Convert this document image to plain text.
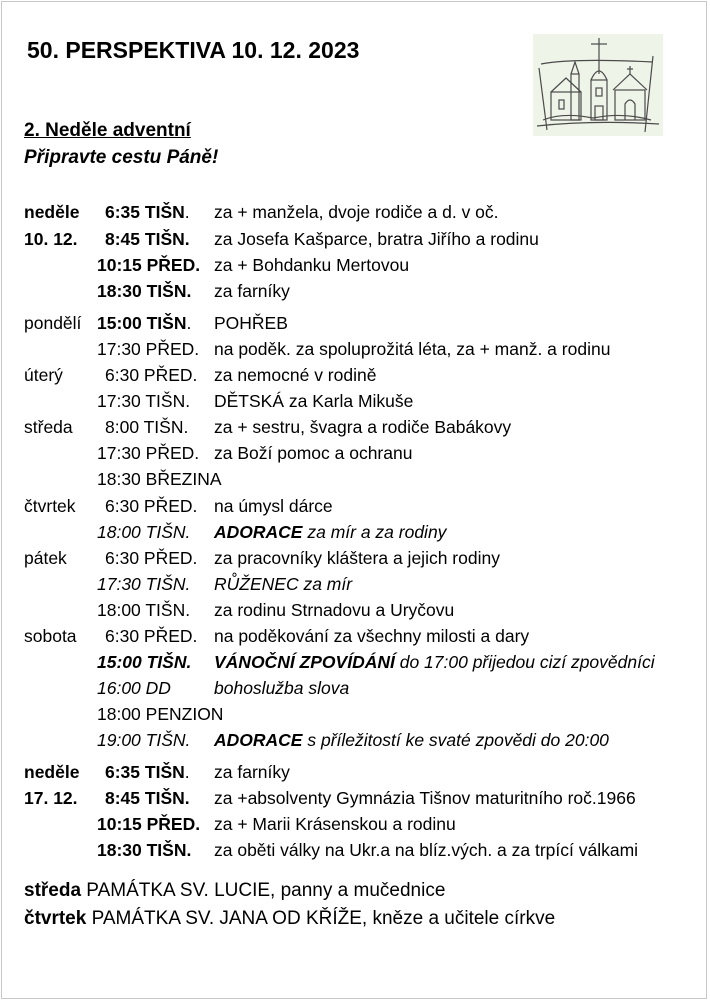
50. PERSPEKTIVA 10. 12. 2023
2. Neděle adventní
Připravte cestu Páně!
neděle 6:35 TIŠN. za + manžela, dvoje rodiče a d. v oč.
10. 12. 8:45 TIŠN. za Josefa Kašparce, bratra Jiřího a rodinu
10:15 PŘED. za + Bohdanku Mertovou
18:30 TIŠN. za farníky
pondělí 15:00 TIŠN. POHŘEB
17:30 PŘED. na poděk. za spoluprožitá léta, za + manž. a rodinu
úterý 6:30 PŘED. za nemocné v rodině
17:30 TIŠN. DĚTSKÁ za Karla Mikuše
středa 8:00 TIŠN. za + sestru, švagra a rodiče Babákovy
17:30 PŘED. za Boží pomoc a ochranu
18:30 BŘEZINA
čtvrtek 6:30 PŘED. na úmysl dárce
18:00 TIŠN. ADORACE za mír a za rodiny
pátek 6:30 PŘED. za pracovníky kláštera a jejich rodiny
17:30 TIŠN. RŮŽENEC za mír
18:00 TIŠN. za rodinu Strnadovu a Uryčovu
sobota 6:30 PŘED. na poděkování za všechny milosti a dary
15:00 TIŠN. VÁNOČNÍ ZPOVÍDÁNÍ do 17:00 přijedou cizí zpovědníci
16:00 DD bohoslužba slova
18:00 PENZION
19:00 TIŠN. ADORACE s příležitostí ke svaté zpovědi do 20:00
neděle 6:35 TIŠN. za farníky
17. 12. 8:45 TIŠN. za +absolventy Gymnázia Tišnov maturitního roč.1966
10:15 PŘED. za + Marii Krásenskou a rodinu
18:30 TIŠN. za oběti války na Ukr.a na blíz.vých. a za trpící válkami
středa PAMÁTKA SV. LUCIE, panny a mučednice
čtvrtek PAMÁTKA SV. JANA OD KŘÍŽE, kněze a učitele církve
